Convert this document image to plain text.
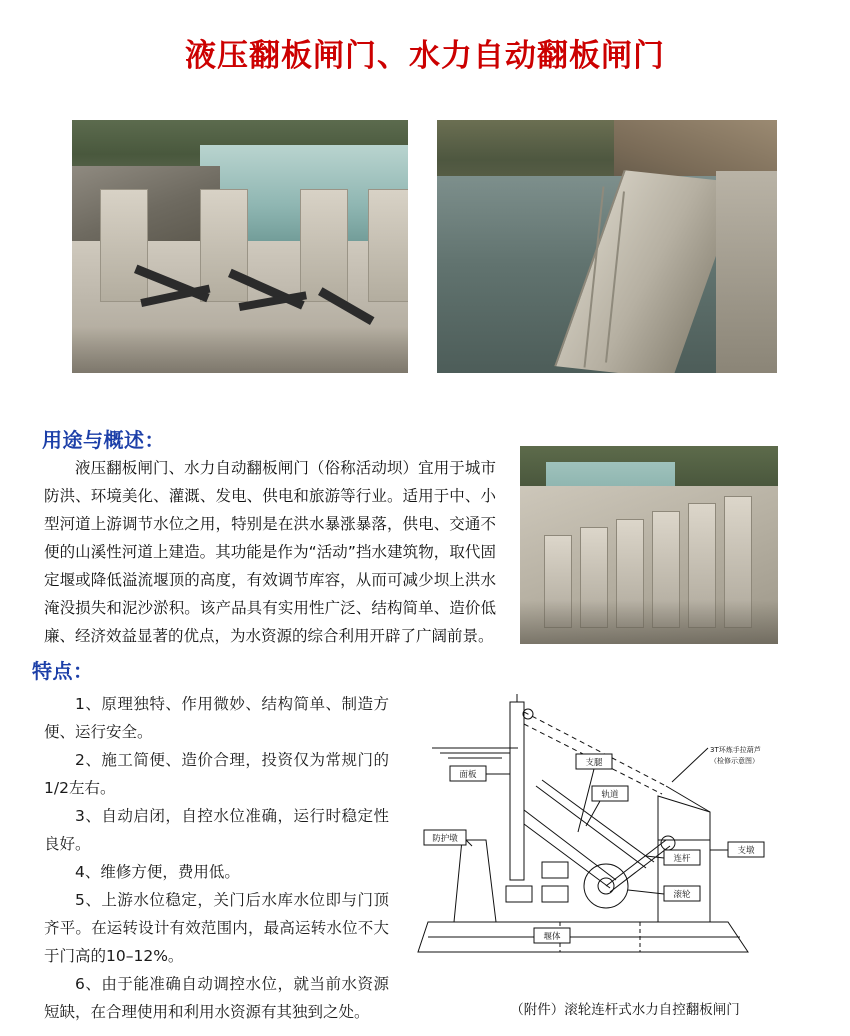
液压翻板闸门、水力自动翻板闸门
用途与概述：
液压翻板闸门、水力自动翻板闸门（俗称活动坝）宜用于城市防洪、环境美化、灌溉、发电、供电和旅游等行业。适用于中、小型河道上游调节水位之用，特别是在洪水暴涨暴落，供电、交通不便的山溪性河道上建造。其功能是作为“活动”挡水建筑物，取代固定堰或降低溢流堰顶的高度，有效调节库容，从而可减少坝上洪水淹没损失和泥沙淤积。该产品具有实用性广泛、结构简单、造价低廉、经济效益显著的优点，为水资源的综合利用开辟了广阔前景。
特点：

1、原理独特、作用微妙、结构简单、制造方便、运行安全。

2、施工简便、造价合理，投资仅为常规门的1/2左右。

3、自动启闭，自控水位准确，运行时稳定性良好。

4、维修方便，费用低。

5、上游水位稳定，关门后水库水位即与门顶齐平。在运转设计有效范围内，最高运转水位不大于门高的10–12%。

6、由于能准确自动调控水位，就当前水资源短缺，在合理使用和利用水资源有其独到之处。

面板
防护墩
支腿
轨道
连杆
滚轮
支墩
堰体
3T环炼手拉葫芦
（检修示意图）
（附件）滚轮连杆式水力自控翻板闸门
